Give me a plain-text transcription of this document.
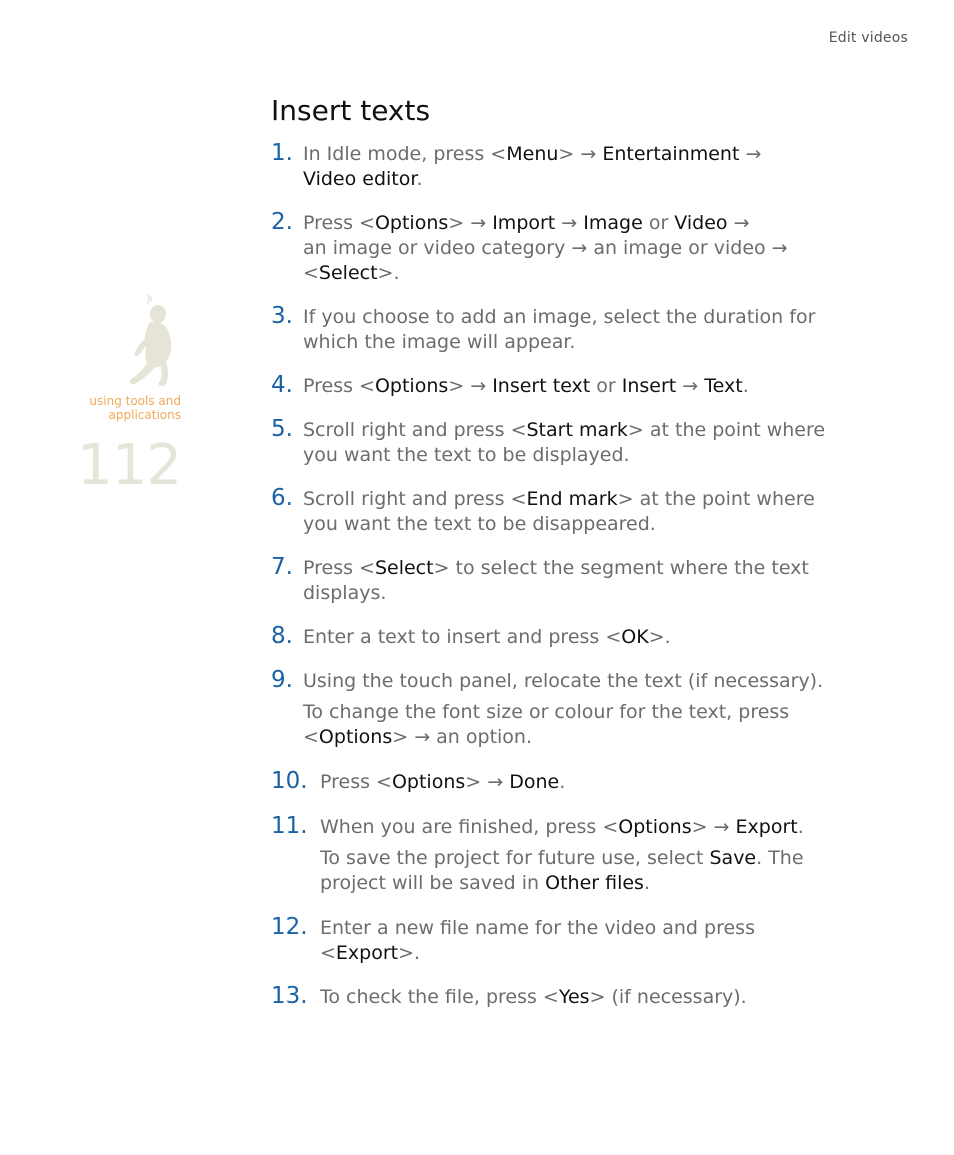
Edit videos
using tools and
applications
112
Insert texts
1. In Idle mode, press <Menu> → Entertainment →
Video editor.
2. Press <Options> → Import → Image or Video →
an image or video category → an image or video →
<Select>.
3. If you choose to add an image, select the duration for
which the image will appear.
4. Press <Options> → Insert text or Insert → Text.
5. Scroll right and press <Start mark> at the point where
you want the text to be displayed.
6. Scroll right and press <End mark> at the point where
you want the text to be disappeared.
7. Press <Select> to select the segment where the text
displays.
8. Enter a text to insert and press <OK>.
9. Using the touch panel, relocate the text (if necessary).
To change the font size or colour for the text, press
<Options> → an option.
10. Press <Options> → Done.
11. When you are finished, press <Options> → Export.
To save the project for future use, select Save. The
project will be saved in Other files.
12. Enter a new file name for the video and press
<Export>.
13. To check the file, press <Yes> (if necessary).
